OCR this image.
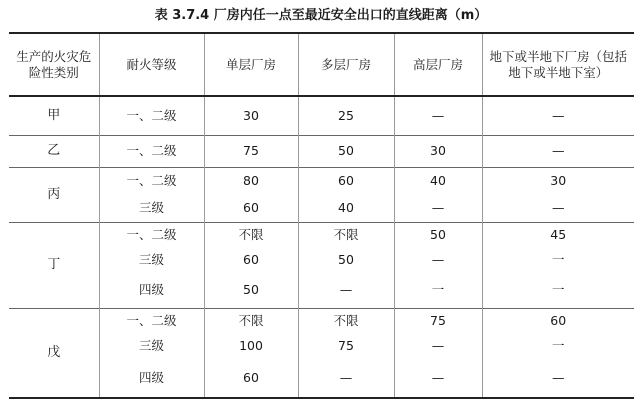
表 3.7.4 厂房内任一点至最近安全出口的直线距离（m）
生产的火灾危险性类别	耐火等级	单层厂房	多层厂房	高层厂房	地下或半地下厂房（包括地下或半地下室）

甲	一、二级	30	25	—	—
乙	一、二级	75	50	30	—
丙	一、二级	80	60	40	30
	三级	60	40	—	—
丁	一、二级	不限	不限	50	45
	三级	60	50	—	一
	四级	50	—	一	一
戊	一、二级	不限	不限	75	60
	三级	100	75	—	一
	四级	60	—	—	—
